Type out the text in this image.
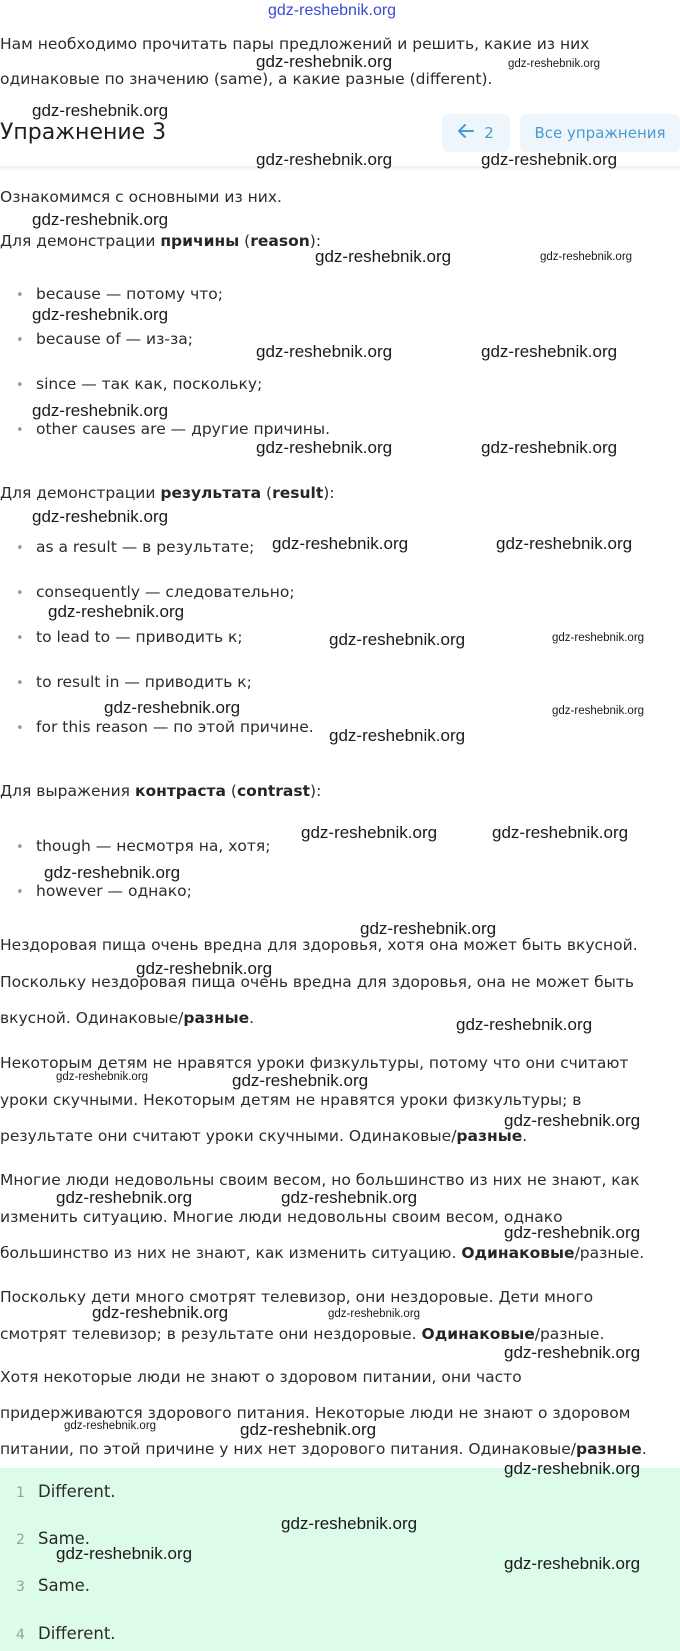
gdz-reshebnik.org
Нам необходимо прочитать пары предложений и решить, какие из них
одинаковые по значению (same), а какие разные (different).
Упражнение 3	2	Все упражнения
Ознакомимся с основными из них.
Для демонстрации причины (reason):
• because — потому что;
• because of — из-за;
• since — так как, поскольку;
• other causes are — другие причины.
Для демонстрации результата (result):
• as a result — в результате;
• consequently — следовательно;
• to lead to — приводить к;
• to result in — приводить к;
• for this reason — по этой причине.
Для выражения контраста (contrast):
• though — несмотря на, хотя;
• however — однако;
Нездоровая пища очень вредна для здоровья, хотя она может быть вкусной.
Поскольку нездоровая пища очень вредна для здоровья, она не может быть
вкусной. Одинаковые/разные.
Некоторым детям не нравятся уроки физкультуры, потому что они считают
уроки скучными. Некоторым детям не нравятся уроки физкультуры; в
результате они считают уроки скучными. Одинаковые/разные.
Многие люди недовольны своим весом, но большинство из них не знают, как
изменить ситуацию. Многие люди недовольны своим весом, однако
большинство из них не знают, как изменить ситуацию. Одинаковые/разные.
Поскольку дети много смотрят телевизор, они нездоровые. Дети много
смотрят телевизор; в результате они нездоровые. Одинаковые/разные.
Хотя некоторые люди не знают о здоровом питании, они часто
придерживаются здорового питания. Некоторые люди не знают о здоровом
питании, по этой причине у них нет здорового питания. Одинаковые/разные.
1 Different.
2 Same.
3 Same.
4 Different.
gdz-reshebnik.org	gdz-reshebnik.org
gdz-reshebnik.org
gdz-reshebnik.org	gdz-reshebnik.org
gdz-reshebnik.org
gdz-reshebnik.org	gdz-reshebnik.org
gdz-reshebnik.org
gdz-reshebnik.org	gdz-reshebnik.org
gdz-reshebnik.org
gdz-reshebnik.org	gdz-reshebnik.org
gdz-reshebnik.org
gdz-reshebnik.org	gdz-reshebnik.org
gdz-reshebnik.org
gdz-reshebnik.org	gdz-reshebnik.org
gdz-reshebnik.org	gdz-reshebnik.org
gdz-reshebnik.org
gdz-reshebnik.org	gdz-reshebnik.org
gdz-reshebnik.org
gdz-reshebnik.org
gdz-reshebnik.org
gdz-reshebnik.org
gdz-reshebnik.org	gdz-reshebnik.org
gdz-reshebnik.org
gdz-reshebnik.org	gdz-reshebnik.org
gdz-reshebnik.org
gdz-reshebnik.org	gdz-reshebnik.org
gdz-reshebnik.org
gdz-reshebnik.org	gdz-reshebnik.org
gdz-reshebnik.org
gdz-reshebnik.org
gdz-reshebnik.org
gdz-reshebnik.org
